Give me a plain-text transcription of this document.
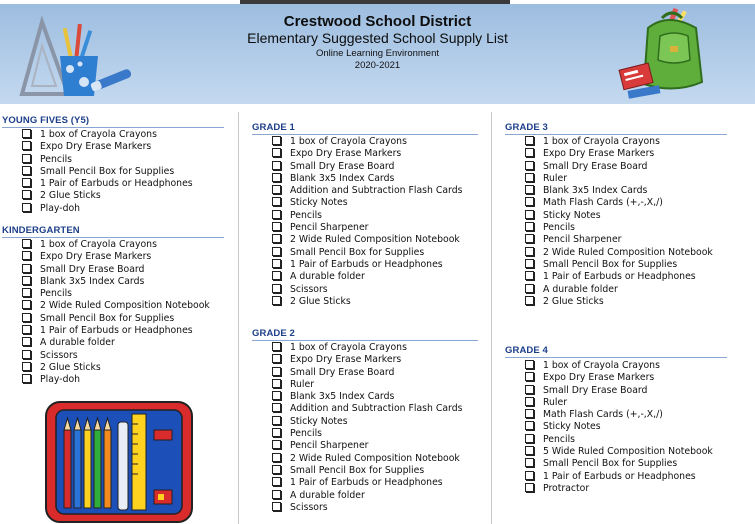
Crestwood School District
Elementary Suggested School Supply List
Online Learning Environment
2020-2021
YOUNG FIVES (Y5)
1 box of Crayola Crayons
Expo Dry Erase Markers
Pencils
Small Pencil Box for Supplies
1 Pair of Earbuds or Headphones
2 Glue Sticks
Play-doh
KINDERGARTEN
1 box of Crayola Crayons
Expo Dry Erase Markers
Small Dry Erase Board
Blank 3x5 Index Cards
Pencils
2 Wide Ruled Composition Notebook
Small Pencil Box for Supplies
1 Pair of Earbuds or Headphones
A durable folder
Scissors
2 Glue Sticks
Play-doh
GRADE 1
1 box of Crayola Crayons
Expo Dry Erase Markers
Small Dry Erase Board
Blank 3x5 Index Cards
Addition and Subtraction Flash Cards
Sticky Notes
Pencils
Pencil Sharpener
2 Wide Ruled Composition Notebook
Small Pencil Box for Supplies
1 Pair of Earbuds or Headphones
A durable folder
Scissors
2 Glue Sticks
GRADE 2
1 box of Crayola Crayons
Expo Dry Erase Markers
Small Dry Erase Board
Ruler
Blank 3x5 Index Cards
Addition and Subtraction Flash Cards
Sticky Notes
Pencils
Pencil Sharpener
2 Wide Ruled Composition Notebook
Small Pencil Box for Supplies
1 Pair of Earbuds or Headphones
A durable folder
Scissors
GRADE 3
1 box of Crayola Crayons
Expo Dry Erase Markers
Small Dry Erase Board
Ruler
Blank 3x5 Index Cards
Math Flash Cards (+,-,X,/)
Sticky Notes
Pencils
Pencil Sharpener
2 Wide Ruled Composition Notebook
Small Pencil Box for Supplies
1 Pair of Earbuds or Headphones
A durable folder
2 Glue Sticks
GRADE 4
1 box of Crayola Crayons
Expo Dry Erase Markers
Small Dry Erase Board
Ruler
Math Flash Cards (+,-,X,/)
Sticky Notes
Pencils
5 Wide Ruled Composition Notebook
Small Pencil Box for Supplies
1 Pair of Earbuds or Headphones
Protractor
